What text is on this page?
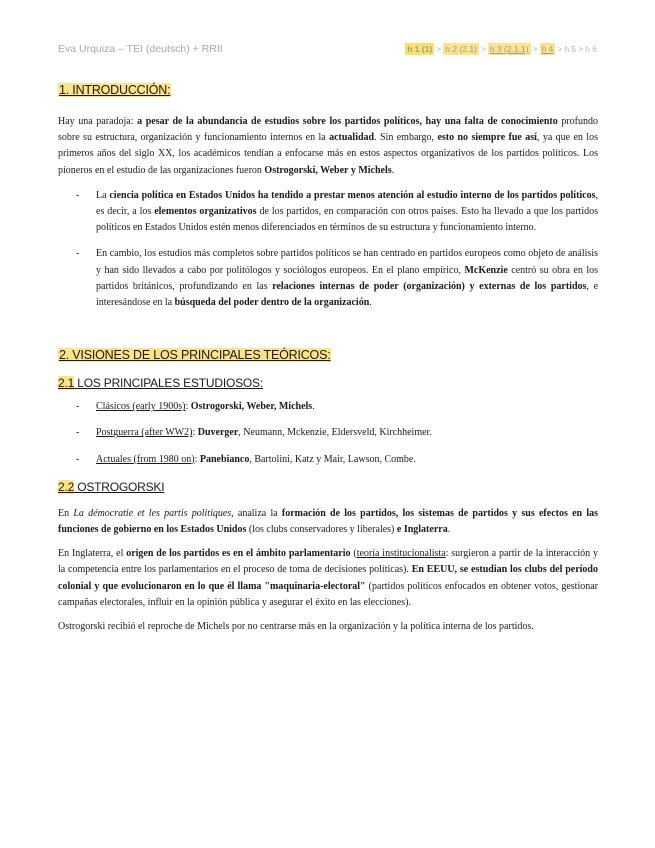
Eva Urquiza – TEI (deutsch) + RRII	h 1 (1) > h 2 (2.1) > h 3 (2.1.1) > h 4 > h 5 > h 6
1. INTRODUCCIÓN:

Hay una paradoja: a pesar de la abundancia de estudios sobre los partidos políticos, hay una falta de conocimiento profundo sobre su estructura, organización y funcionamiento internos en la actualidad. Sin embargo, esto no siempre fue así, ya que en los primeros años del siglo XX, los académicos tendían a enfocarse más en estos aspectos organizativos de los partidos políticos. Los pioneros en el estudio de las organizaciones fueron Ostrogorski, Weber y Michels.

- La ciencia política en Estados Unidos ha tendido a prestar menos atención al estudio interno de los partidos políticos, es decir, a los elementos organizativos de los partidos, en comparación con otros países. Esto ha llevado a que los partidos políticos en Estados Unidos estén menos diferenciados en términos de su estructura y funcionamiento interno.
- En cambio, los estudios más completos sobre partidos políticos se han centrado en partidos europeos como objeto de análisis y han sido llevados a cabo por politólogos y sociólogos europeos. En el plano empírico, McKenzie centró su obra en los partidos británicos, profundizando en las relaciones internas de poder (organización) y externas de los partidos, e interesándose en la búsqueda del poder dentro de la organización.
2. VISIONES DE LOS PRINCIPALES TEÓRICOS:
2.1 LOS PRINCIPALES ESTUDIOSOS:
- Clásicos (early 1900s): Ostrogorski, Weber, Michels.
- Postguerra (after WW2): Duverger, Neumann, Mckenzie, Eldersveld, Kirchheimer.
- Actuales (from 1980 on): Panebianco, Bartolini, Katz y Mair, Lawson, Combe.
2.2 OSTROGORSKI

En La démocratie et les partis politiques, analiza la formación de los partidos, los sistemas de partidos y sus efectos en las funciones de gobierno en los Estados Unidos (los clubs conservadores y liberales) e Inglaterra.

En Inglaterra, el origen de los partidos es en el ámbito parlamentario (teoría institucionalista: surgieron a partir de la interacción y la competencia entre los parlamentarios en el proceso de toma de decisiones políticas). En EEUU, se estudian los clubs del período colonial y que evolucionaron en lo que él llama "maquinaria-electoral" (partidos políticos enfocados en obtener votos, gestionar campañas electorales, influir en la opinión pública y asegurar el éxito en las elecciones).

Ostrogorski recibió el reproche de Michels por no centrarse más en la organización y la política interna de los partidos.
